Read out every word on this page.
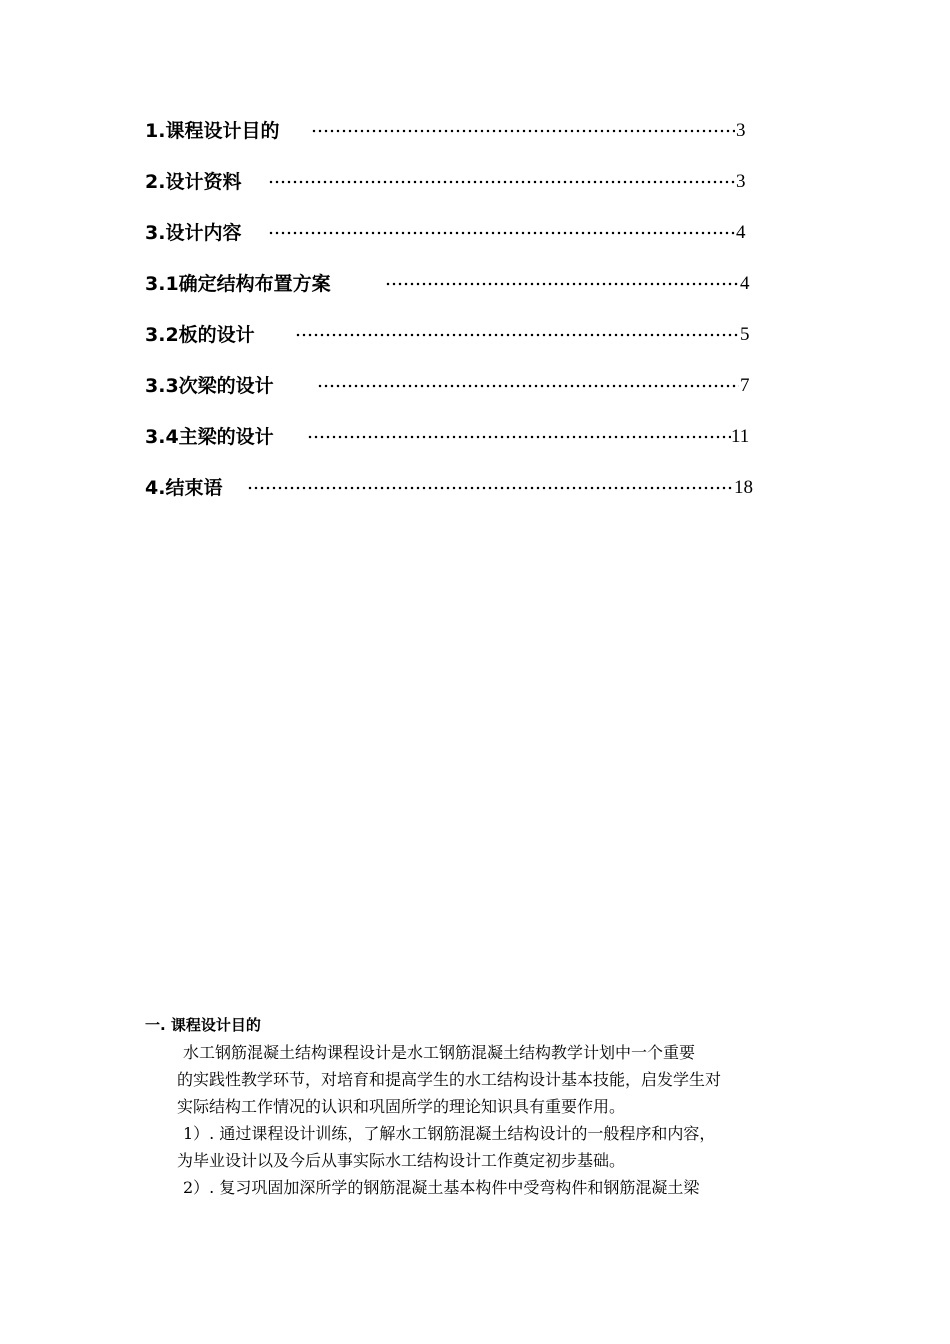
1.课程设计目的	3
2.设计资料	3
3.设计内容	4
3.1确定结构布置方案	4
3.2板的设计	5
3.3次梁的设计	7
3.4主梁的设计	11
4.结束语	18
一. 课程设计目的

水工钢筋混凝土结构课程设计是水工钢筋混凝土结构教学计划中一个重要
的实践性教学环节，对培育和提高学生的水工结构设计基本技能，启发学生对
实际结构工作情况的认识和巩固所学的理论知识具有重要作用。

1）. 通过课程设计训练，了解水工钢筋混凝土结构设计的一般程序和内容，
为毕业设计以及今后从事实际水工结构设计工作奠定初步基础。

2）. 复习巩固加深所学的钢筋混凝土基本构件中受弯构件和钢筋混凝土梁
